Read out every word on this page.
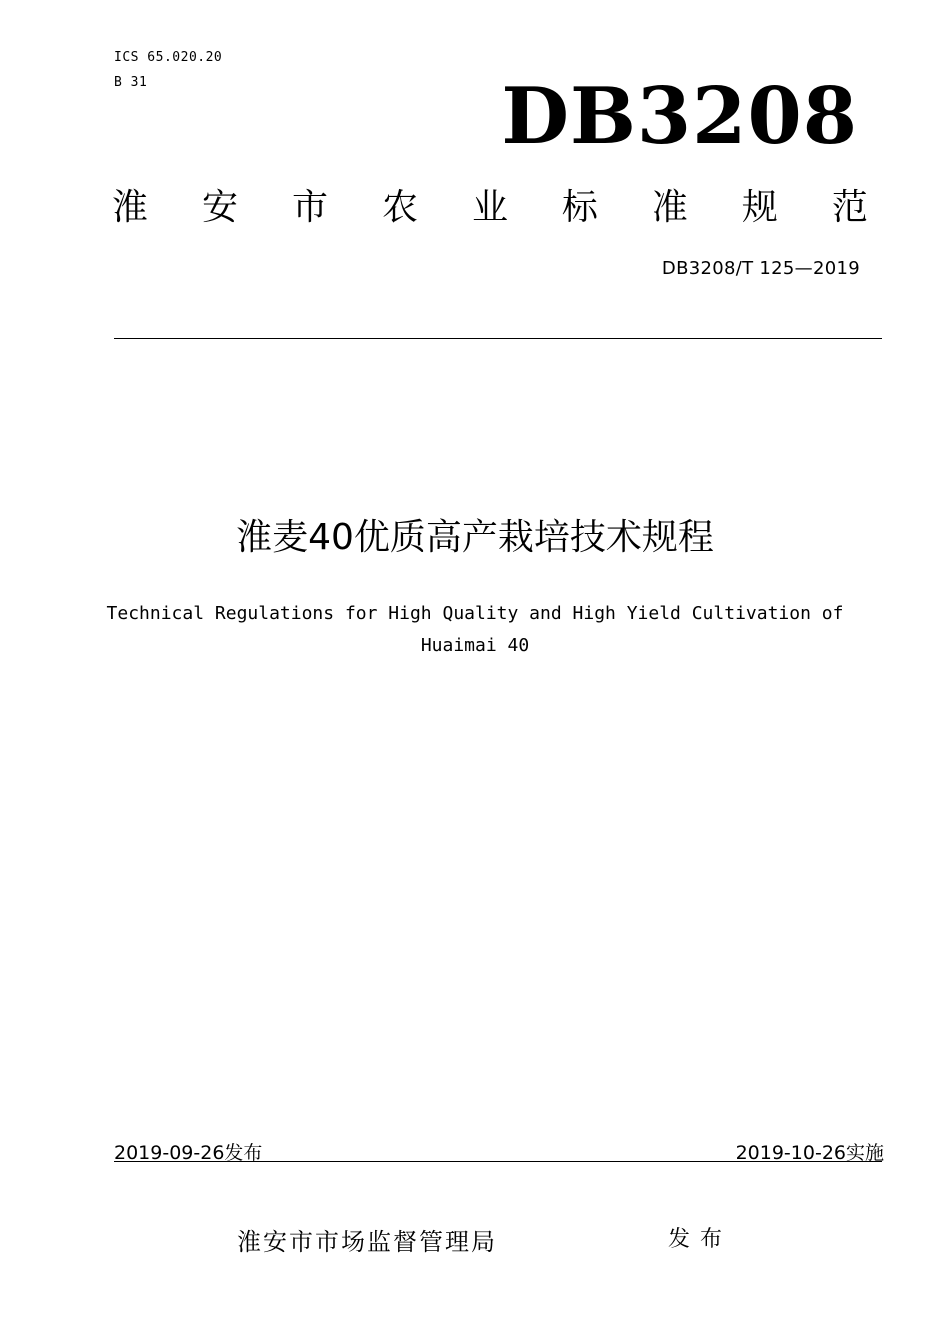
ICS 65.020.20
B 31	DB3208
淮 安 市 农 业 标 准 规 范
DB3208/T 125—2019
淮麦40优质高产栽培技术规程
Technical Regulations for High Quality and High Yield Cultivation of Huaimai 40
2019-09-26发布	2019-10-26实施
淮安市市场监督管理局	发布
